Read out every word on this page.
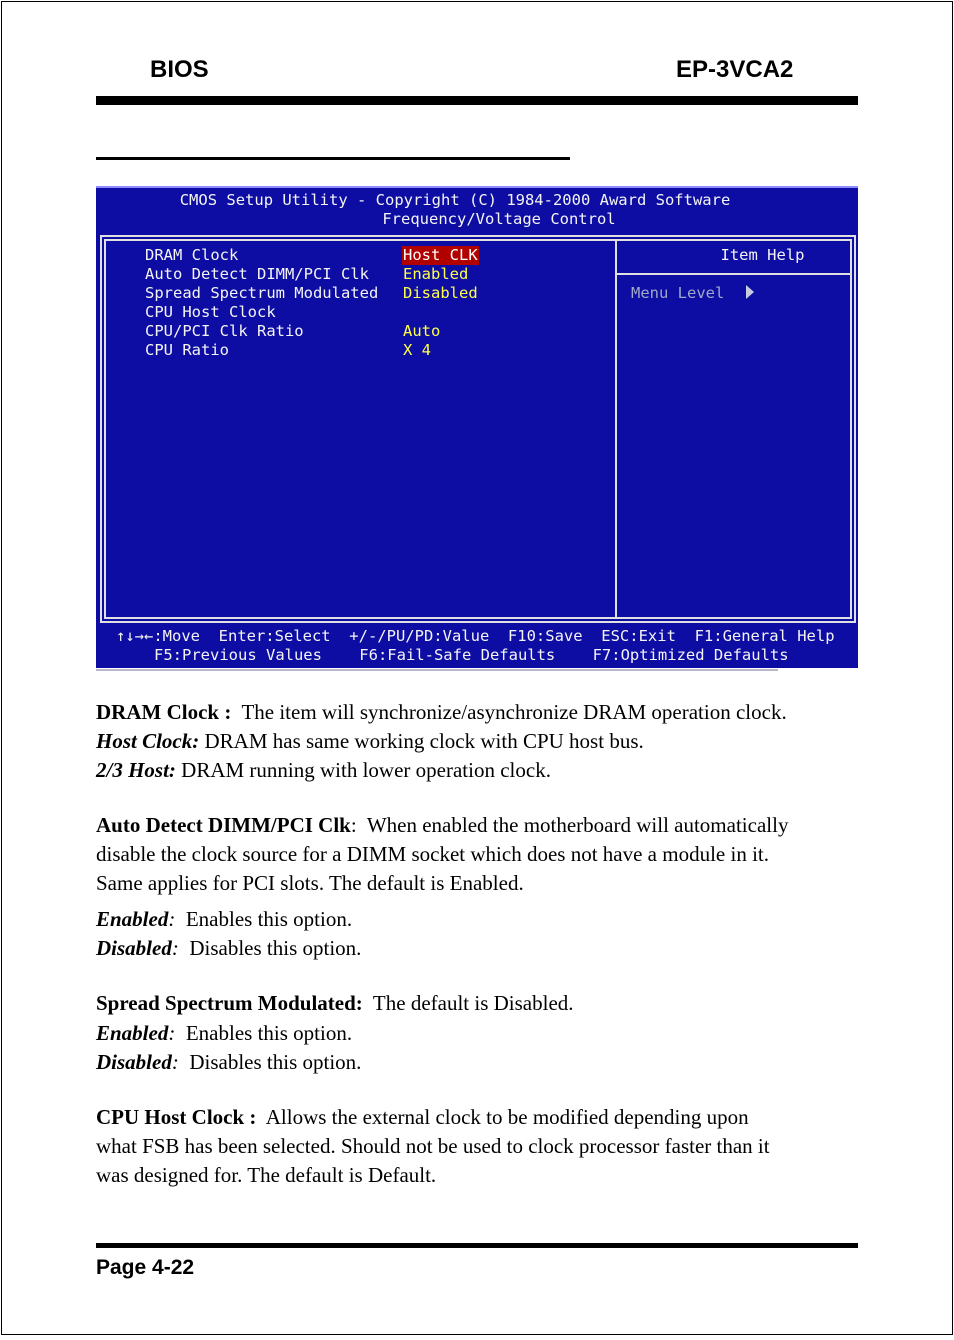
BIOS	EP-3VCA2
CMOS Setup Utility - Copyright (C) 1984-2000 Award Software
Frequency/Voltage Control
DRAM Clock	Host CLK
Auto Detect DIMM/PCI Clk Enabled
Spread Spectrum Modulated Disabled
CPU Host Clock
CPU/PCI Clk Ratio	Auto
CPU Ratio	X 4
Item Help
Menu Level
↑↓→←:Move  Enter:Select  +/-/PU/PD:Value  F10:Save  ESC:Exit  F1:General Help
F5:Previous Values    F6:Fail-Safe Defaults    F7:Optimized Defaults
DRAM Clock : The item will synchronize/asynchronize DRAM operation clock.
Host Clock: DRAM has same working clock with CPU host bus.
2/3 Host: DRAM running with lower operation clock.
Auto Detect DIMM/PCI Clk:  When enabled the motherboard will automatically
disable the clock source for a DIMM socket which does not have a module in it.
Same applies for PCI slots. The default is Enabled.
Enabled: Enables this option.
Disabled: Disables this option.
Spread Spectrum Modulated: The default is Disabled.
Enabled: Enables this option.
Disabled: Disables this option.
CPU Host Clock : Allows the external clock to be modified depending upon
what FSB has been selected. Should not be used to clock processor faster than it
was designed for. The default is Default.
Page 4-22
